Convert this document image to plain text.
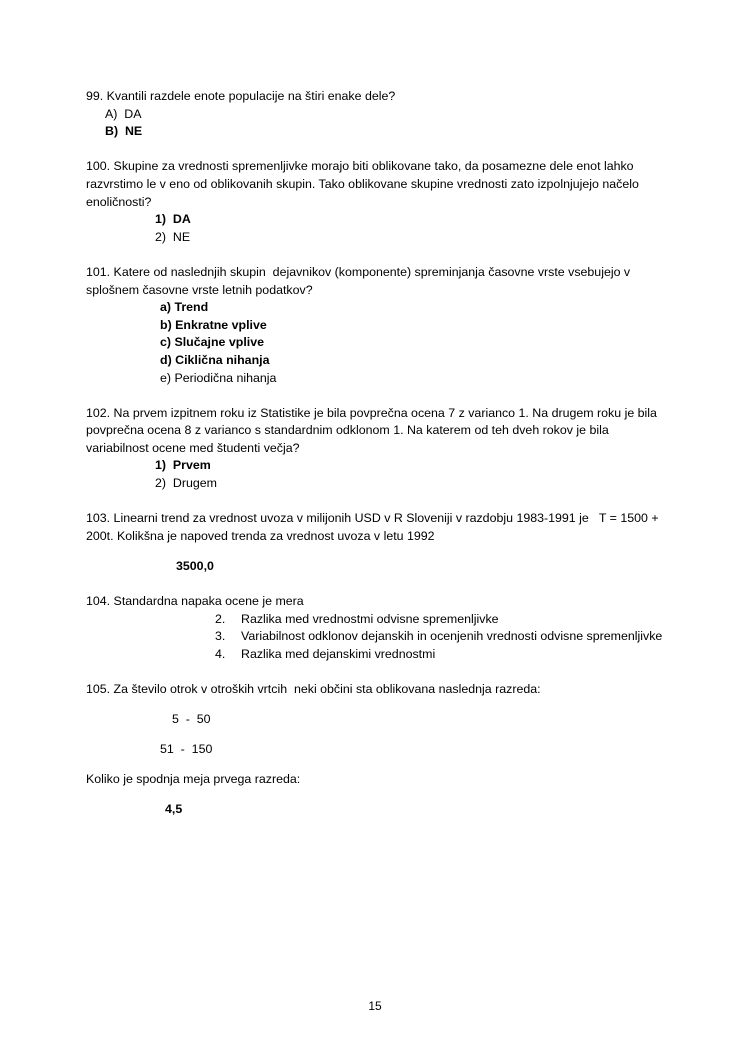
99. Kvantili razdele enote populacije na štiri enake dele?

A)  DA
B)  NE

100. Skupine za vrednosti spremenljivke morajo biti oblikovane tako, da posamezne dele enot lahko razvrstimo le v eno od oblikovanih skupin. Tako oblikovane skupine vrednosti zato izpolnjujejo načelo enoličnosti?

1)  DA
2)  NE

101. Katere od naslednjih skupin  dejavnikov (komponente) spreminjanja časovne vrste vsebujejo v splošnem časovne vrste letnih podatkov?

a) Trend
b) Enkratne vplive
c) Slučajne vplive
d) Ciklična nihanja
e) Periodična nihanja

102. Na prvem izpitnem roku iz Statistike je bila povprečna ocena 7 z varianco 1. Na drugem roku je bila povprečna ocena 8 z varianco s standardnim odklonom 1. Na katerem od teh dveh rokov je bila variabilnost ocene med študenti večja?

1)  Prvem
2)  Drugem

103. Linearni trend za vrednost uvoza v milijonih USD v R Sloveniji v razdobju 1983-1991 je   T = 1500 + 200t. Kolikšna je napoved trenda za vrednost uvoza v letu 1992

3500,0

104. Standardna napaka ocene je mera

2. Razlika med vrednostmi odvisne spremenljivke
3. Variabilnost odklonov dejanskih in ocenjenih vrednosti odvisne spremenljivke
4. Razlika med dejanskimi vrednostmi

105. Za število otrok v otroških vrtcih  neki občini sta oblikovana naslednja razreda:

5  -  50

51  -  150

Koliko je spodnja meja prvega razreda:

4,5

15
